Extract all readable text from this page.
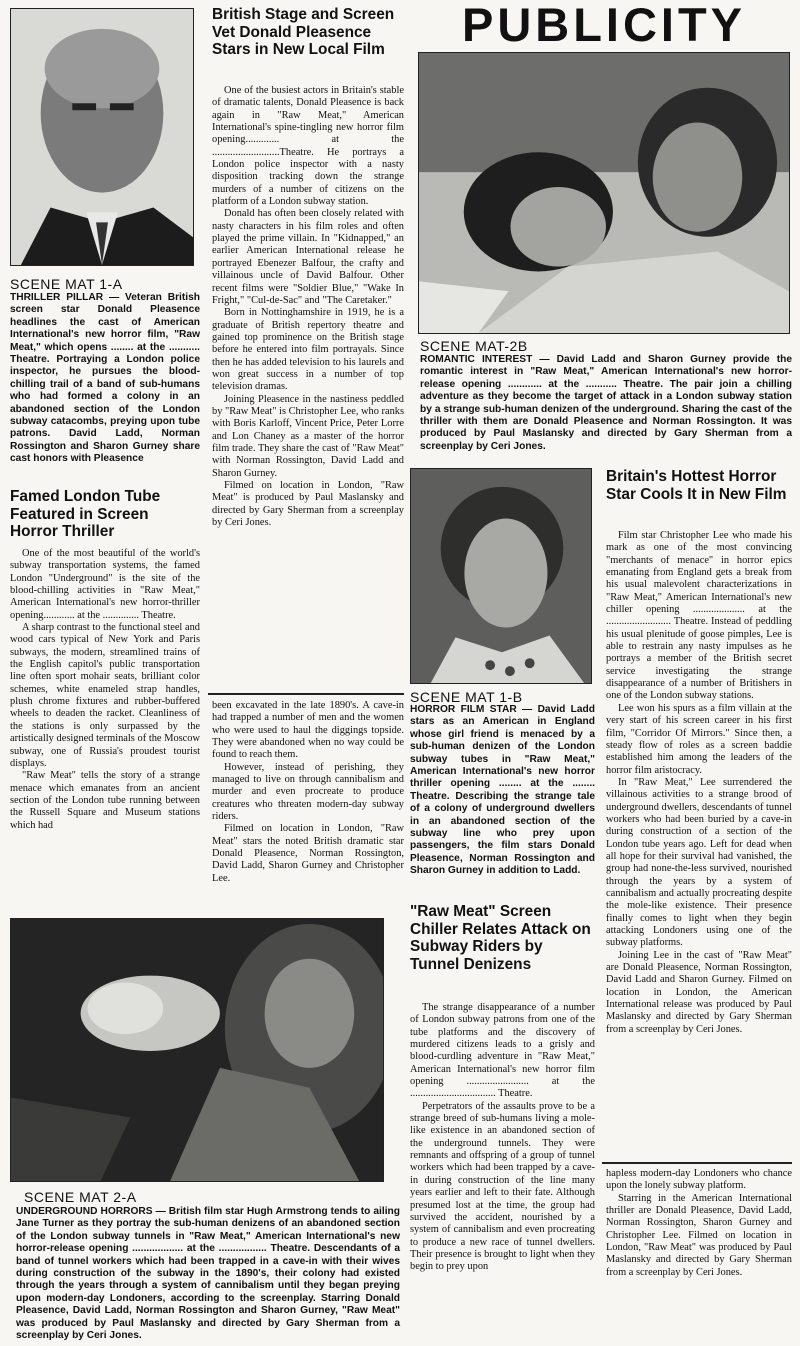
SCENE MAT 1-A
THRILLER PILLAR — Veteran British screen star Donald Pleasence headlines the cast of American International's new horror film, "Raw Meat," which opens ........ at the ........... Theatre. Portraying a London police inspector, he pursues the blood-chilling trail of a band of sub-humans who had formed a colony in an abandoned section of the London subway catacombs, preying upon tube patrons. David Ladd, Norman Rossington and Sharon Gurney share cast honors with Pleasence
Famed London Tube Featured in Screen Horror Thriller

One of the most beautiful of the world's subway transportation systems, the famed London "Underground" is the site of the blood-chilling activities in "Raw Meat," American International's new horror-thriller opening............ at the .............. Theatre.

A sharp contrast to the functional steel and wood cars typical of New York and Paris subways, the modern, streamlined trains of the English capitol's public transportation line often sport mohair seats, brilliant color schemes, white enameled strap handles, plush chrome fixtures and rubber-buffered wheels to deaden the racket. Cleanliness of the stations is only surpassed by the artistically designed terminals of the Moscow subway, one of Russia's proudest tourist displays.

"Raw Meat" tells the story of a strange menace which emanates from an ancient section of the London tube running between the Russell Square and Museum stations which had

British Stage and Screen Vet Donald Pleasence Stars in New Local Film

One of the busiest actors in Britain's stable of dramatic talents, Donald Pleasence is back again in "Raw Meat," American International's spine-tingling new horror film opening............. at the ..........................Theatre. He portrays a London police inspector with a nasty disposition tracking down the strange murders of a number of citizens on the platform of a London subway station.

Donald has often been closely related with nasty characters in his film roles and often played the prime villain. In "Kidnapped," an earlier American International release he portrayed Ebenezer Balfour, the crafty and villainous uncle of David Balfour. Other recent films were "Soldier Blue," "Wake In Fright," "Cul-de-Sac" and "The Caretaker."

Born in Nottinghamshire in 1919, he is a graduate of British repertory theatre and gained top prominence on the British stage before he entered into film portrayals. Since then he has added television to his laurels and won great success in a number of top television dramas.

Joining Pleasence in the nastiness peddled by "Raw Meat" is Christopher Lee, who ranks with Boris Karloff, Vincent Price, Peter Lorre and Lon Chaney as a master of the horror film trade. They share the cast of "Raw Meat" with Norman Rossington, David Ladd and Sharon Gurney.

Filmed on location in London, "Raw Meat" is produced by Paul Maslansky and directed by Gary Sherman from a screenplay by Ceri Jones.

been excavated in the late 1890's. A cave-in had trapped a number of men and the women who were used to haul the diggings topside. They were abandoned when no way could be found to reach them.

However, instead of perishing, they managed to live on through cannibalism and murder and even procreate to produce creatures who threaten modern-day subway riders.

Filmed on location in London, "Raw Meat" stars the noted British dramatic star Donald Pleasence, Norman Rossington, David Ladd, Sharon Gurney and Christopher Lee.

PUBLICITY
SCENE MAT-2B
ROMANTIC INTEREST — David Ladd and Sharon Gurney provide the romantic interest in "Raw Meat," American International's new horror-release opening ............ at the ........... Theatre. The pair join a chilling adventure as they become the target of attack in a London subway station by a strange sub-human denizen of the underground. Sharing the cast of the thriller with them are Donald Pleasence and Norman Rossington. It was produced by Paul Maslansky and directed by Gary Sherman from a screenplay by Ceri Jones.
SCENE MAT 1-B
HORROR FILM STAR — David Ladd stars as an American in England whose girl friend is menaced by a sub-human denizen of the London subway tubes in "Raw Meat," American International's new horror thriller opening ........ at the ........ Theatre. Describing the strange tale of a colony of underground dwellers in an abandoned section of the subway line who prey upon passengers, the film stars Donald Pleasence, Norman Rossington and Sharon Gurney in addition to Ladd.
"Raw Meat" Screen Chiller Relates Attack on Subway Riders by Tunnel Denizens

The strange disappearance of a number of London subway patrons from one of the tube platforms and the discovery of murdered citizens leads to a grisly and blood-curdling adventure in "Raw Meat," American International's new horror film opening ........................ at the ................................. Theatre.

Perpetrators of the assaults prove to be a strange breed of sub-humans living a mole-like existence in an abandoned section of the underground tunnels. They were remnants and offspring of a group of tunnel workers which had been trapped by a cave-in during construction of the line many years earlier and left to their fate. Although presumed lost at the time, the group had survived the accident, nourished by a system of cannibalism and even procreating to produce a new race of tunnel dwellers. Their presence is brought to light when they begin to prey upon

Britain's Hottest Horror Star Cools It in New Film

Film star Christopher Lee who made his mark as one of the most convincing "merchants of menace" in horror epics emanating from England gets a break from his usual malevolent characterizations in "Raw Meat," American International's new chiller opening .................... at the ......................... Theatre. Instead of peddling his usual plenitude of goose pimples, Lee is able to restrain any nasty impulses as he portrays a member of the British secret service investigating the strange disappearance of a number of Britishers in one of the London subway stations.

Lee won his spurs as a film villain at the very start of his screen career in his first film, "Corridor Of Mirrors." Since then, a steady flow of roles as a screen baddie established him among the leaders of the horror film aristocracy.

In "Raw Meat," Lee surrendered the villainous activities to a strange brood of underground dwellers, descendants of tunnel workers who had been buried by a cave-in during construction of a section of the London tube years ago. Left for dead when all hope for their survival had vanished, the group had none-the-less survived, nourished through the years by a system of cannibalism and actually procreating despite the mole-like existence. Their presence finally comes to light when they begin attacking Londoners using one of the subway platforms.

Joining Lee in the cast of "Raw Meat" are Donald Pleasence, Norman Rossington, David Ladd and Sharon Gurney. Filmed on location in London, the American International release was produced by Paul Maslansky and directed by Gary Sherman from a screenplay by Ceri Jones.

hapless modern-day Londoners who chance upon the lonely subway platform.

Starring in the American International thriller are Donald Pleasence, David Ladd, Norman Rossington, Sharon Gurney and Christopher Lee. Filmed on location in London, "Raw Meat" was produced by Paul Maslansky and directed by Gary Sherman from a screenplay by Ceri Jones.

SCENE MAT 2-A
UNDERGROUND HORRORS — British film star Hugh Armstrong tends to ailing Jane Turner as they portray the sub-human denizens of an abandoned section of the London subway tunnels in "Raw Meat," American International's new horror-release opening .................. at the ................. Theatre. Descendants of a band of tunnel workers which had been trapped in a cave-in with their wives during construction of the subway in the 1890's, their colony had existed through the years through a system of cannibalism until they began preying upon modern-day Londoners, according to the screenplay. Starring Donald Pleasence, David Ladd, Norman Rossington and Sharon Gurney, "Raw Meat" was produced by Paul Maslansky and directed by Gary Sherman from a screenplay by Ceri Jones.
